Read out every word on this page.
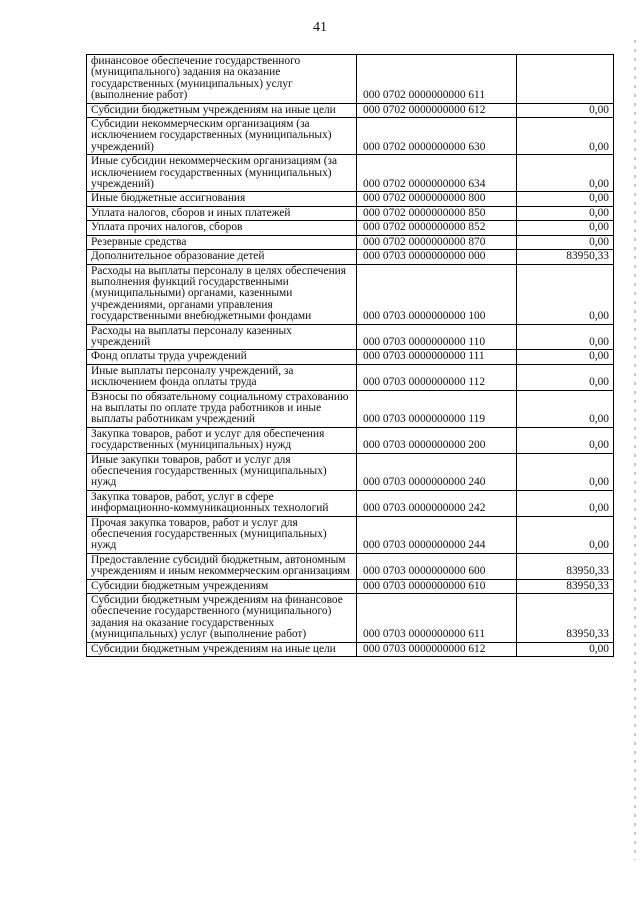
41
финансовое обеспечение государственного (муниципального) задания на оказание государственных (муниципальных) услуг (выполнение работ)	000 0702 0000000000 611	
Субсидии бюджетным учреждениям на иные цели	000 0702 0000000000 612	0,00
Субсидии некоммерческим организациям (за исключением государственных (муниципальных) учреждений)	000 0702 0000000000 630	0,00
Иные субсидии некоммерческим организациям (за исключением государственных (муниципальных) учреждений)	000 0702 0000000000 634	0,00
Иные бюджетные ассигнования	000 0702 0000000000 800	0,00
Уплата налогов, сборов и иных платежей	000 0702 0000000000 850	0,00
Уплата прочих налогов, сборов	000 0702 0000000000 852	0,00
Резервные средства	000 0702 0000000000 870	0,00
Дополнительное образование детей	000 0703 0000000000 000	83950,33
Расходы на выплаты персоналу в целях обеспечения выполнения функций государственными (муниципальными) органами, казенными учреждениями, органами управления государственными внебюджетными фондами	000 0703 0000000000 100	0,00
Расходы на выплаты персоналу казенных учреждений	000 0703 0000000000 110	0,00
Фонд оплаты труда учреждений	000 0703 0000000000 111	0,00
Иные выплаты персоналу учреждений, за исключением фонда оплаты труда	000 0703 0000000000 112	0,00
Взносы по обязательному социальному страхованию на выплаты по оплате труда работников и иные выплаты работникам учреждений	000 0703 0000000000 119	0,00
Закупка товаров, работ и услуг для обеспечения государственных (муниципальных) нужд	000 0703 0000000000 200	0,00
Иные закупки товаров, работ и услуг для обеспечения государственных (муниципальных) нужд	000 0703 0000000000 240	0,00
Закупка товаров, работ, услуг в сфере информационно-коммуникационных технологий	000 0703 0000000000 242	0,00
Прочая закупка товаров, работ и услуг для обеспечения государственных (муниципальных) нужд	000 0703 0000000000 244	0,00
Предоставление субсидий бюджетным, автономным учреждениям и иным некоммерческим организациям	000 0703 0000000000 600	83950,33
Субсидии бюджетным учреждениям	000 0703 0000000000 610	83950,33
Субсидии бюджетным учреждениям на финансовое обеспечение государственного (муниципального) задания на оказание государственных (муниципальных) услуг (выполнение работ)	000 0703 0000000000 611	83950,33
Субсидии бюджетным учреждениям на иные цели	000 0703 0000000000 612	0,00
